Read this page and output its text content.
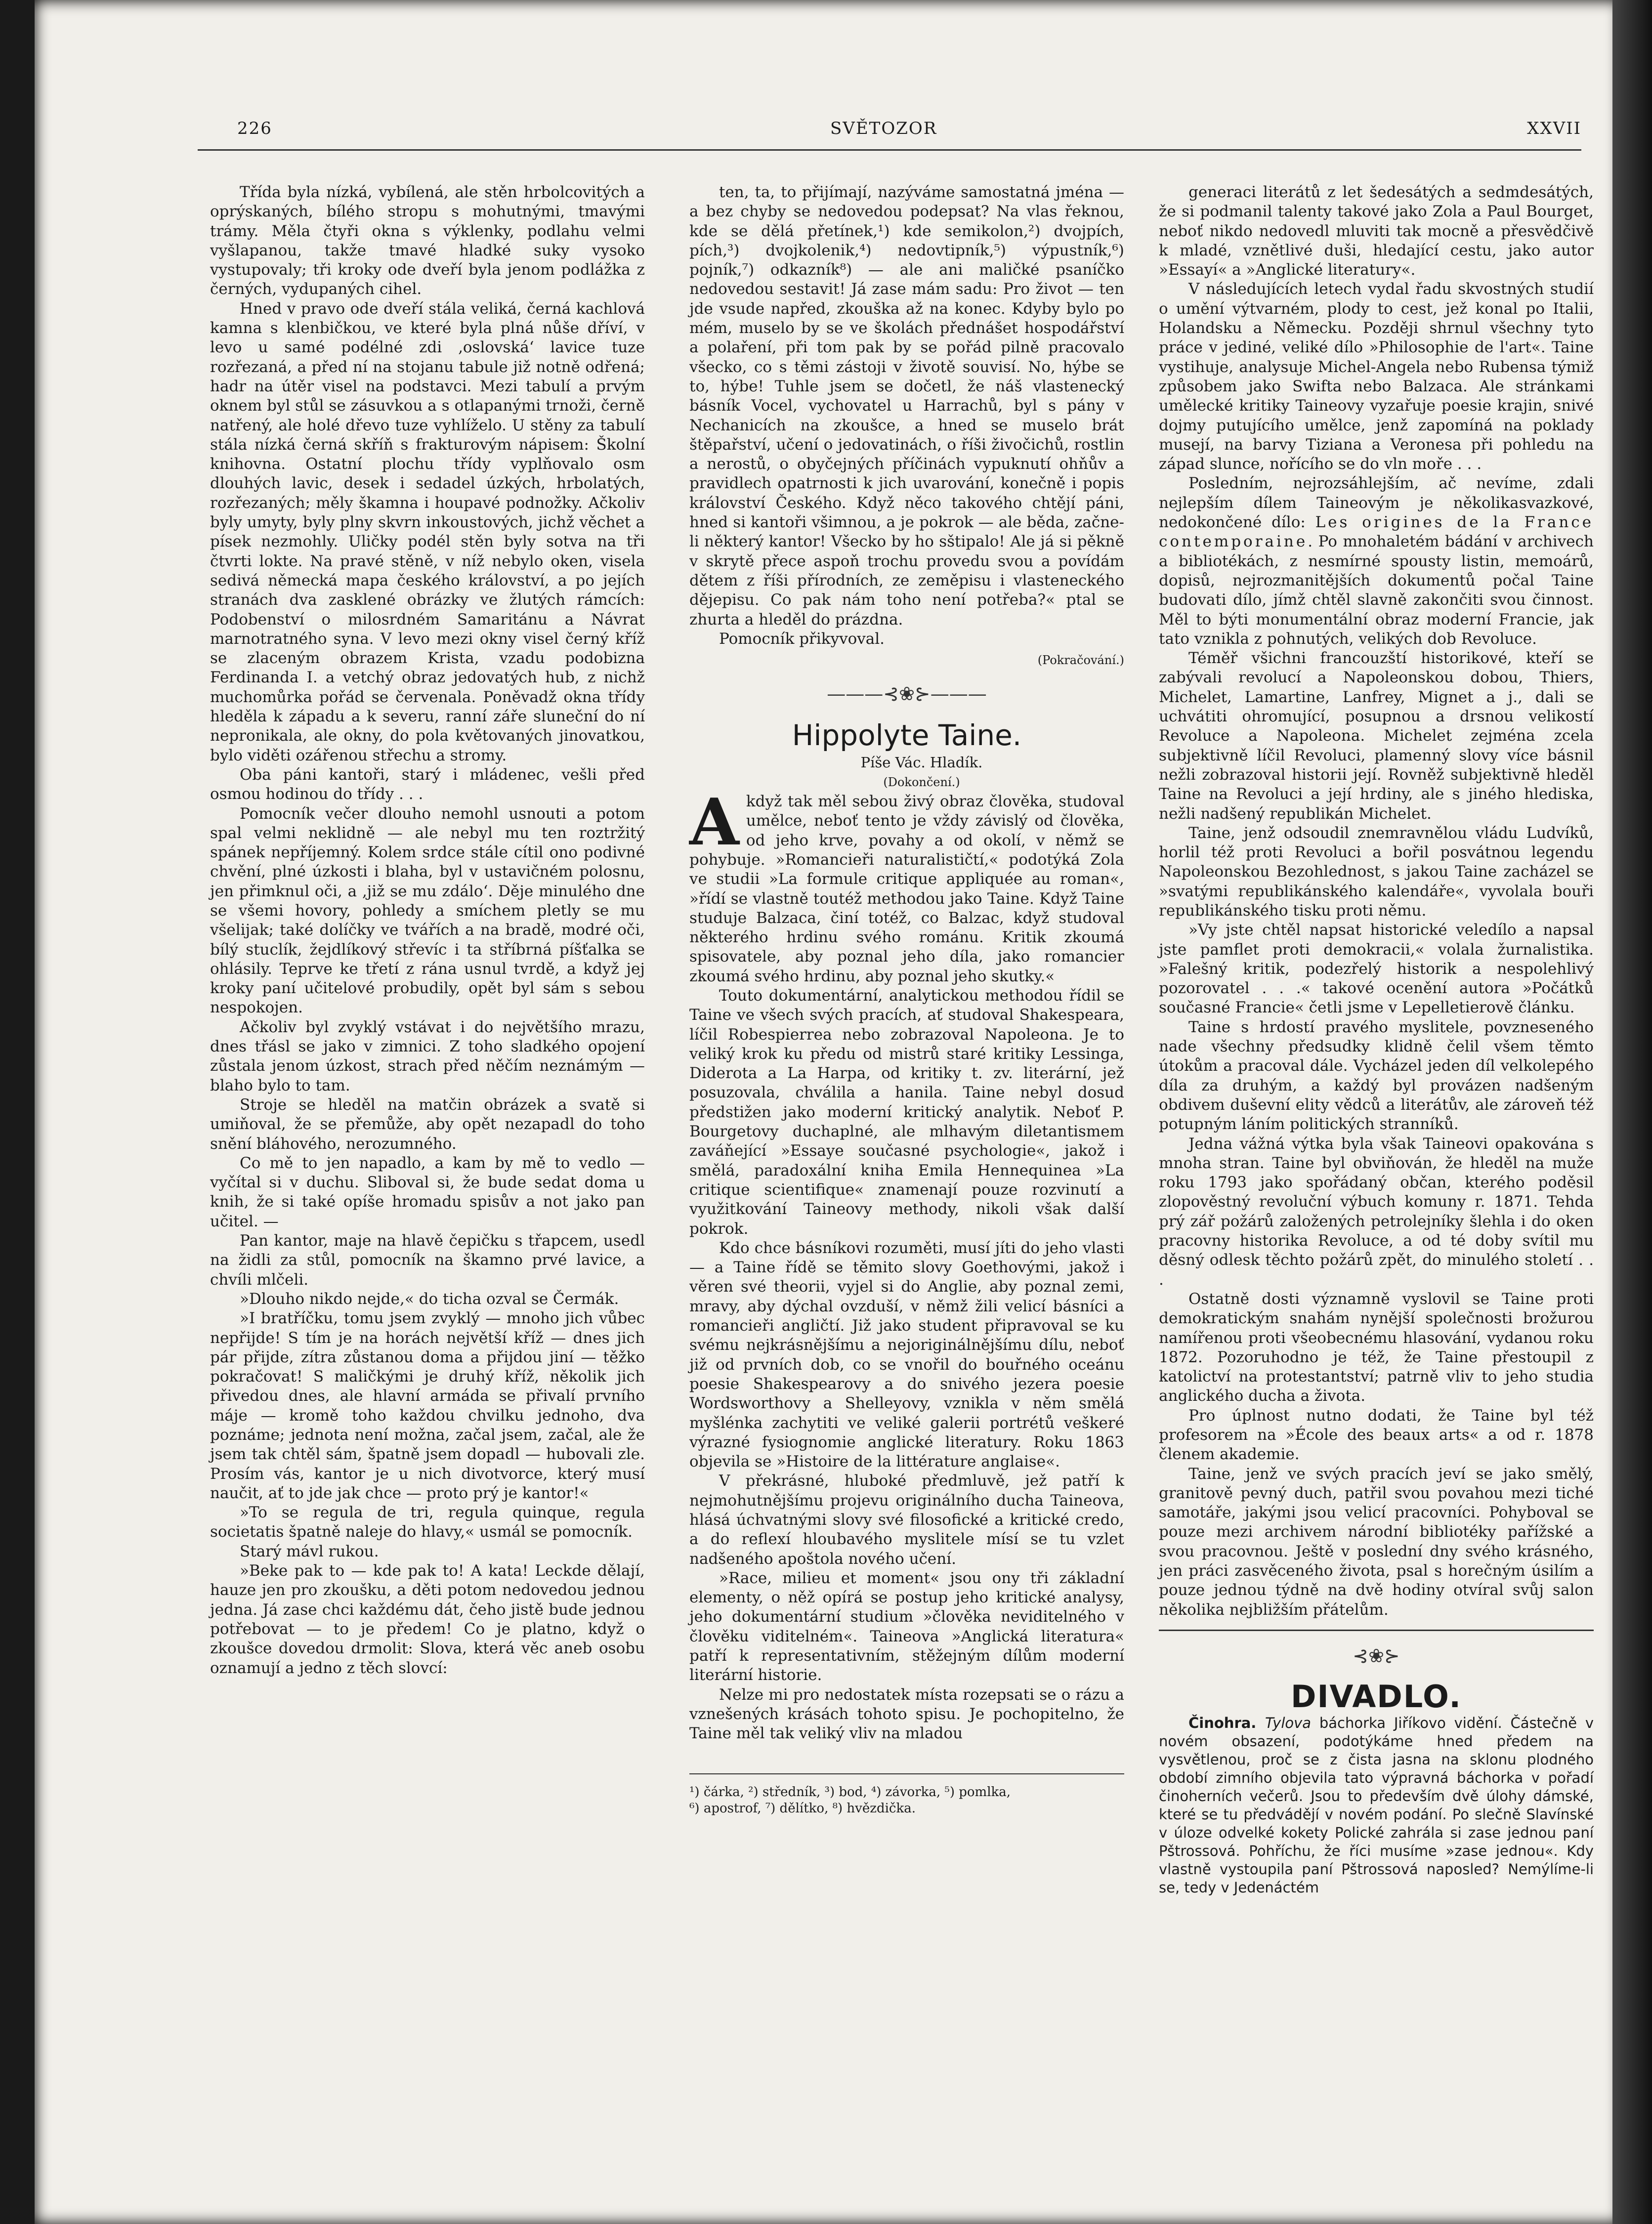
226	SVĚTOZOR	XXVII

Třída byla nízká, vybílená, ale stěn hrbolcovitých a oprýskaných, bílého stropu s mohutnými, tmavými trámy. Měla čtyři okna s výklenky, podlahu velmi vyšlapanou, takže tmavé hladké suky vysoko vystupovaly; tři kroky ode dveří byla jenom podlážka z černých, vydupaných cihel.

Hned v pravo ode dveří stála veliká, černá kachlová kamna s klenbičkou, ve které byla plná nůše dříví, v levo u samé podélné zdi ‚oslovská‘ lavice tuze rozřezaná, a před ní na stojanu tabule již notně odřená; hadr na útěr visel na podstavci. Mezi tabulí a prvým oknem byl stůl se zásuvkou a s otlapanými trnoži, černě natřený, ale holé dřevo tuze vyhlíželo. U stěny za tabulí stála nízká černá skříň s frakturovým nápisem: Školní knihovna. Ostatní plochu třídy vyplňovalo osm dlouhých lavic, desek i sedadel úzkých, hrbolatých, rozřezaných; měly škamna i houpavé podnožky. Ačkoliv byly umyty, byly plny skvrn inkoustových, jichž věchet a písek nezmohly. Uličky podél stěn byly sotva na tři čtvrti lokte. Na pravé stěně, v níž nebylo oken, visela sedivá německá mapa českého království, a po jejích stranách dva zasklené obrázky ve žlutých rámcích: Podobenství o milosrdném Samaritánu a Návrat marnotratného syna. V levo mezi okny visel černý kříž se zlaceným obrazem Krista, vzadu podobizna Ferdinanda I. a vetchý obraz jedovatých hub, z nichž muchomůrka pořád se červenala. Poněvadž okna třídy hleděla k západu a k severu, ranní záře sluneční do ní nepronikala, ale okny, do pola květovaných jinovatkou, bylo viděti ozářenou střechu a stromy.

Oba páni kantoři, starý i mládenec, vešli před osmou hodinou do třídy . . .

Pomocník večer dlouho nemohl usnouti a potom spal velmi neklidně — ale nebyl mu ten roztržitý spánek nepříjemný. Kolem srdce stále cítil ono podivné chvění, plné úzkosti i blaha, byl v ustavičném polosnu, jen přimknul oči, a ‚již se mu zdálo‘. Děje minulého dne se všemi hovory, pohledy a smíchem pletly se mu všelijak; také dolíčky ve tvářích a na bradě, modré oči, bílý stuclík, žejdlíkový střevíc i ta stříbrná píšťalka se ohlásily. Teprve ke třetí z rána usnul tvrdě, a když jej kroky paní učitelové probudily, opět byl sám s sebou nespokojen.

Ačkoliv byl zvyklý vstávat i do největšího mrazu, dnes třásl se jako v zimnici. Z toho sladkého opojení zůstala jenom úzkost, strach před něčím neznámým — blaho bylo to tam.

Stroje se hleděl na matčin obrázek a svatě si umiňoval, že se přemůže, aby opět nezapadl do toho snění bláhového, nerozumného.

Co mě to jen napadlo, a kam by mě to vedlo — vyčítal si v duchu. Sliboval si, že bude sedat doma u knih, že si také opíše hromadu spisův a not jako pan učitel. —

Pan kantor, maje na hlavě čepičku s třapcem, usedl na židli za stůl, pomocník na škamno prvé lavice, a chvíli mlčeli.

»Dlouho nikdo nejde,« do ticha ozval se Čermák.

»I bratříčku, tomu jsem zvyklý — mnoho jich vůbec nepřijde! S tím je na horách největší kříž — dnes jich pár přijde, zítra zůstanou doma a přijdou jiní — těžko pokračovat! S maličkými je druhý kříž, několik jich přivedou dnes, ale hlavní armáda se přivalí prvního máje — kromě toho každou chvilku jednoho, dva poznáme; jednota není možna, začal jsem, začal, ale že jsem tak chtěl sám, špatně jsem dopadl — hubovali zle. Prosím vás, kantor je u nich divotvorce, který musí naučit, ať to jde jak chce — proto prý je kantor!«

»To se regula de tri, regula quinque, regula societatis špatně naleje do hlavy,« usmál se pomocník.

Starý mávl rukou.

»Beke pak to — kde pak to! A kata! Leckde dělají, hauze jen pro zkoušku, a děti potom nedovedou jednou jedna. Já zase chci každému dát, čeho jistě bude jednou potřebovat — to je předem! Co je platno, když o zkoušce dovedou drmolit: Slova, která věc aneb osobu oznamují a jedno z těch slovcí:

ten, ta, to přijímají, nazýváme samostatná jména — a bez chyby se nedovedou podepsat? Na vlas řeknou, kde se dělá přetínek,¹) kde semikolon,²) dvojpích, pích,³) dvojkolenik,⁴) nedovtipník,⁵) výpustník,⁶) pojník,⁷) odkazník⁸) — ale ani maličké psaníčko nedovedou sestavit! Já zase mám sadu: Pro život — ten jde vsude napřed, zkouška až na konec. Kdyby bylo po mém, muselo by se ve školách přednášet hospodářství a polaření, při tom pak by se pořád pilně pracovalo všecko, co s těmi zástoji v životě souvisí. No, hýbe se to, hýbe! Tuhle jsem se dočetl, že náš vlastenecký básník Vocel, vychovatel u Harrachů, byl s pány v Nechanicích na zkoušce, a hned se muselo brát štěpařství, učení o jedovatinách, o říši živočichů, rostlin a nerostů, o obyčejných příčinách vypuknutí ohňův a pravidlech opatrnosti k jich uvarování, konečně i popis království Českého. Když něco takového chtějí páni, hned si kantoři všimnou, a je pokrok — ale běda, začne-li některý kantor! Všecko by ho sštipalo! Ale já si pěkně v skrytě přece aspoň trochu provedu svou a povídám dětem z říši přírodních, ze zeměpisu i vlasteneckého dějepisu. Co pak nám toho není potřeba?« ptal se zhurta a hleděl do prázdna.

Pomocník přikyvoval.

(Pokračování.)

———⊰❀⊱———
Hippolyte Taine.

Píše Vác. Hladík.

(Dokončení.)

A když tak měl sebou živý obraz člověka, studoval umělce, neboť tento je vždy závislý od člověka, od jeho krve, povahy a od okolí, v němž se pohybuje. »Romancieři naturalističtí,« podotýká Zola ve studii »La formule critique appliquée au roman«, »řídí se vlastně toutéž methodou jako Taine. Když Taine studuje Balzaca, činí totéž, co Balzac, když studoval některého hrdinu svého románu. Kritik zkoumá spisovatele, aby poznal jeho díla, jako romancier zkoumá svého hrdinu, aby poznal jeho skutky.«

Touto dokumentární, analytickou methodou řídil se Taine ve všech svých pracích, ať studoval Shakespeara, líčil Robespierrea nebo zobrazoval Napoleona. Je to veliký krok ku předu od mistrů staré kritiky Lessinga, Diderota a La Harpa, od kritiky t. zv. literární, jež posuzovala, chválila a hanila. Taine nebyl dosud předstižen jako moderní kritický analytik. Neboť P. Bourgetovy duchaplné, ale mlhavým diletantismem zaváňející »Essaye současné psychologie«, jakož i smělá, paradoxální kniha Emila Hennequinea »La critique scientifique« znamenají pouze rozvinutí a využitkování Taineovy methody, nikoli však další pokrok.

Kdo chce básníkovi rozuměti, musí jíti do jeho vlasti — a Taine řídě se těmito slovy Goethovými, jakož i věren své theorii, vyjel si do Anglie, aby poznal zemi, mravy, aby dýchal ovzduší, v němž žili velicí básníci a romancieři angličtí. Již jako student připravoval se ku svému nejkrásnějšímu a nejoriginálnějšímu dílu, neboť již od prvních dob, co se vnořil do bouřného oceánu poesie Shakespearovy a do snivého jezera poesie Wordsworthovy a Shelleyovy, vznikla v něm smělá myšlénka zachytiti ve veliké galerii portrétů veškeré výrazné fysiognomie anglické literatury. Roku 1863 objevila se »Histoire de la littérature anglaise«.

V překrásné, hluboké předmluvě, jež patří k nejmohutnějšímu projevu originálního ducha Taineova, hlásá úchvatnými slovy své filosofické a kritické credo, a do reflexí hloubavého myslitele mísí se tu vzlet nadšeného apoštola nového učení.

»Race, milieu et moment« jsou ony tři základní elementy, o něž opírá se postup jeho kritické analysy, jeho dokumentární studium »člověka neviditelného v člověku viditelném«. Taineova »Anglická literatura« patří k representativním, stěžejným dílům moderní literární historie.

Nelze mi pro nedostatek místa rozepsati se o rázu a vznešených krásách tohoto spisu. Je pochopitelno, že Taine měl tak veliký vliv na mladou

¹) čárka, ²) středník, ³) bod, ⁴) závorka, ⁵) pomlka,

⁶) apostrof, ⁷) dělítko, ⁸) hvězdička.

generaci literátů z let šedesátých a sedmdesátých, že si podmanil talenty takové jako Zola a Paul Bourget, neboť nikdo nedovedl mluviti tak mocně a přesvědčivě k mladé, vznětlivé duši, hledající cestu, jako autor »Essayí« a »Anglické literatury«.

V následujících letech vydal řadu skvostných studií o umění výtvarném, plody to cest, jež konal po Italii, Holandsku a Německu. Později shrnul všechny tyto práce v jediné, veliké dílo »Philosophie de l'art«. Taine vystihuje, analysuje Michel-Angela nebo Rubensa týmiž způsobem jako Swifta nebo Balzaca. Ale stránkami umělecké kritiky Taineovy vyzařuje poesie krajin, snivé dojmy putujícího umělce, jenž zapomíná na poklady musejí, na barvy Tiziana a Veronesa při pohledu na západ slunce, nořícího se do vln moře . . .

Posledním, nejrozsáhlejším, ač nevíme, zdali nejlepším dílem Taineovým je několikasvazkové, nedokončené dílo: Les origines de la France contemporaine. Po mnohaletém bádání v archivech a bibliotékách, z nesmírné spousty listin, memoárů, dopisů, nejrozmanitějších dokumentů počal Taine budovati dílo, jímž chtěl slavně zakončiti svou činnost. Měl to býti monumentální obraz moderní Francie, jak tato vznikla z pohnutých, velikých dob Revoluce.

Téměř všichni francouzští historikové, kteří se zabývali revolucí a Napoleonskou dobou, Thiers, Michelet, Lamartine, Lanfrey, Mignet a j., dali se uchvátiti ohromující, posupnou a drsnou velikostí Revoluce a Napoleona. Michelet zejména zcela subjektivně líčil Revoluci, plamenný slovy více básnil nežli zobrazoval historii její. Rovněž subjektivně hleděl Taine na Revoluci a její hrdiny, ale s jiného hlediska, nežli nadšený republikán Michelet.

Taine, jenž odsoudil znemravnělou vládu Ludvíků, horlil též proti Revoluci a bořil posvátnou legendu Napoleonskou Bezohlednost, s jakou Taine zacházel se »svatými republikánského kalendáře«, vyvolala bouři republikánského tisku proti němu.

»Vy jste chtěl napsat historické veledílo a napsal jste pamflet proti demokracii,« volala žurnalistika. »Falešný kritik, podezřelý historik a nespolehlivý pozorovatel . . .« takové ocenění autora »Počátků současné Francie« četli jsme v Lepelletierově článku.

Taine s hrdostí pravého myslitele, povzneseného nade všechny předsudky klidně čelil všem těmto útokům a pracoval dále. Vycházel jeden díl velkolepého díla za druhým, a každý byl provázen nadšeným obdivem duševní elity vědců a literátův, ale zároveň též potupným láním politických stranníků.

Jedna vážná výtka byla však Taineovi opakována s mnoha stran. Taine byl obviňován, že hleděl na muže roku 1793 jako spořádaný občan, kterého poděsil zlopověstný revoluční výbuch komuny r. 1871. Tehda prý zář požárů založených petrolejníky šlehla i do oken pracovny historika Revoluce, a od té doby svítil mu děsný odlesk těchto požárů zpět, do minulého století . . .

Ostatně dosti významně vyslovil se Taine proti demokratickým snahám nynější společnosti brožurou namířenou proti všeobecnému hlasování, vydanou roku 1872. Pozoruhodno je též, že Taine přestoupil z katolictví na protestantství; patrně vliv to jeho studia anglického ducha a života.

Pro úplnost nutno dodati, že Taine byl též profesorem na »École des beaux arts« a od r. 1878 členem akademie.

Taine, jenž ve svých pracích jeví se jako smělý, granitově pevný duch, patřil svou povahou mezi tiché samotáře, jakými jsou velicí pracovníci. Pohyboval se pouze mezi archivem národní bibliotéky pařížské a svou pracovnou. Ještě v poslední dny svého krásného, jen práci zasvěceného života, psal s horečným úsilím a pouze jednou týdně na dvě hodiny otvíral svůj salon několika nejbližším přátelům.

⊰❀⊱
DIVADLO.

Činohra. Tylova báchorka Jiříkovo vidění. Částečně v novém obsazení, podotýkáme hned předem na vysvětlenou, proč se z čista jasna na sklonu plodného období zimního objevila tato výpravná báchorka v pořadí činoherních večerů. Jsou to především dvě úlohy dámské, které se tu předvádějí v novém podání. Po slečně Slavínské v úloze odvelké kokety Polické zahrála si zase jednou paní Pštrossová. Pohříchu, že říci musíme »zase jednou«. Kdy vlastně vystoupila paní Pštrossová naposled? Nemýlíme-li se, tedy v Jedenáctém
